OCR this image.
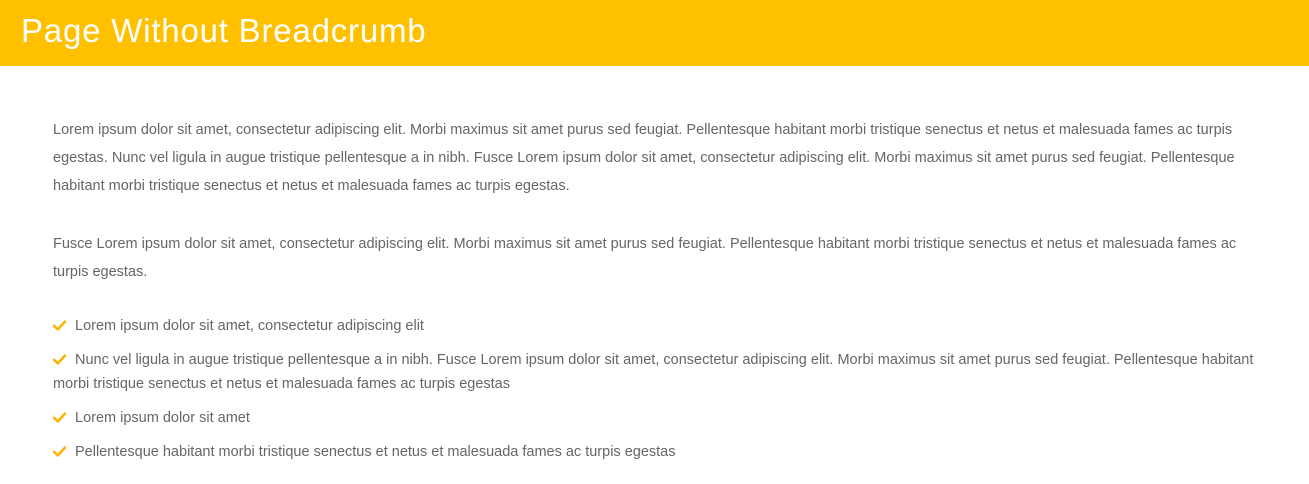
Page Without Breadcrumb

Lorem ipsum dolor sit amet, consectetur adipiscing elit. Morbi maximus sit amet purus sed feugiat. Pellentesque habitant morbi tristique senectus et netus et malesuada fames ac turpis egestas. Nunc vel ligula in augue tristique pellentesque a in nibh. Fusce Lorem ipsum dolor sit amet, consectetur adipiscing elit. Morbi maximus sit amet purus sed feugiat. Pellentesque habitant morbi tristique senectus et netus et malesuada fames ac turpis egestas.

Fusce Lorem ipsum dolor sit amet, consectetur adipiscing elit. Morbi maximus sit amet purus sed feugiat. Pellentesque habitant morbi tristique senectus et netus et malesuada fames ac turpis egestas.

Lorem ipsum dolor sit amet, consectetur adipiscing elit
Nunc vel ligula in augue tristique pellentesque a in nibh. Fusce Lorem ipsum dolor sit amet, consectetur adipiscing elit. Morbi maximus sit amet purus sed feugiat. Pellentesque habitant morbi tristique senectus et netus et malesuada fames ac turpis egestas
Lorem ipsum dolor sit amet
Pellentesque habitant morbi tristique senectus et netus et malesuada fames ac turpis egestas
